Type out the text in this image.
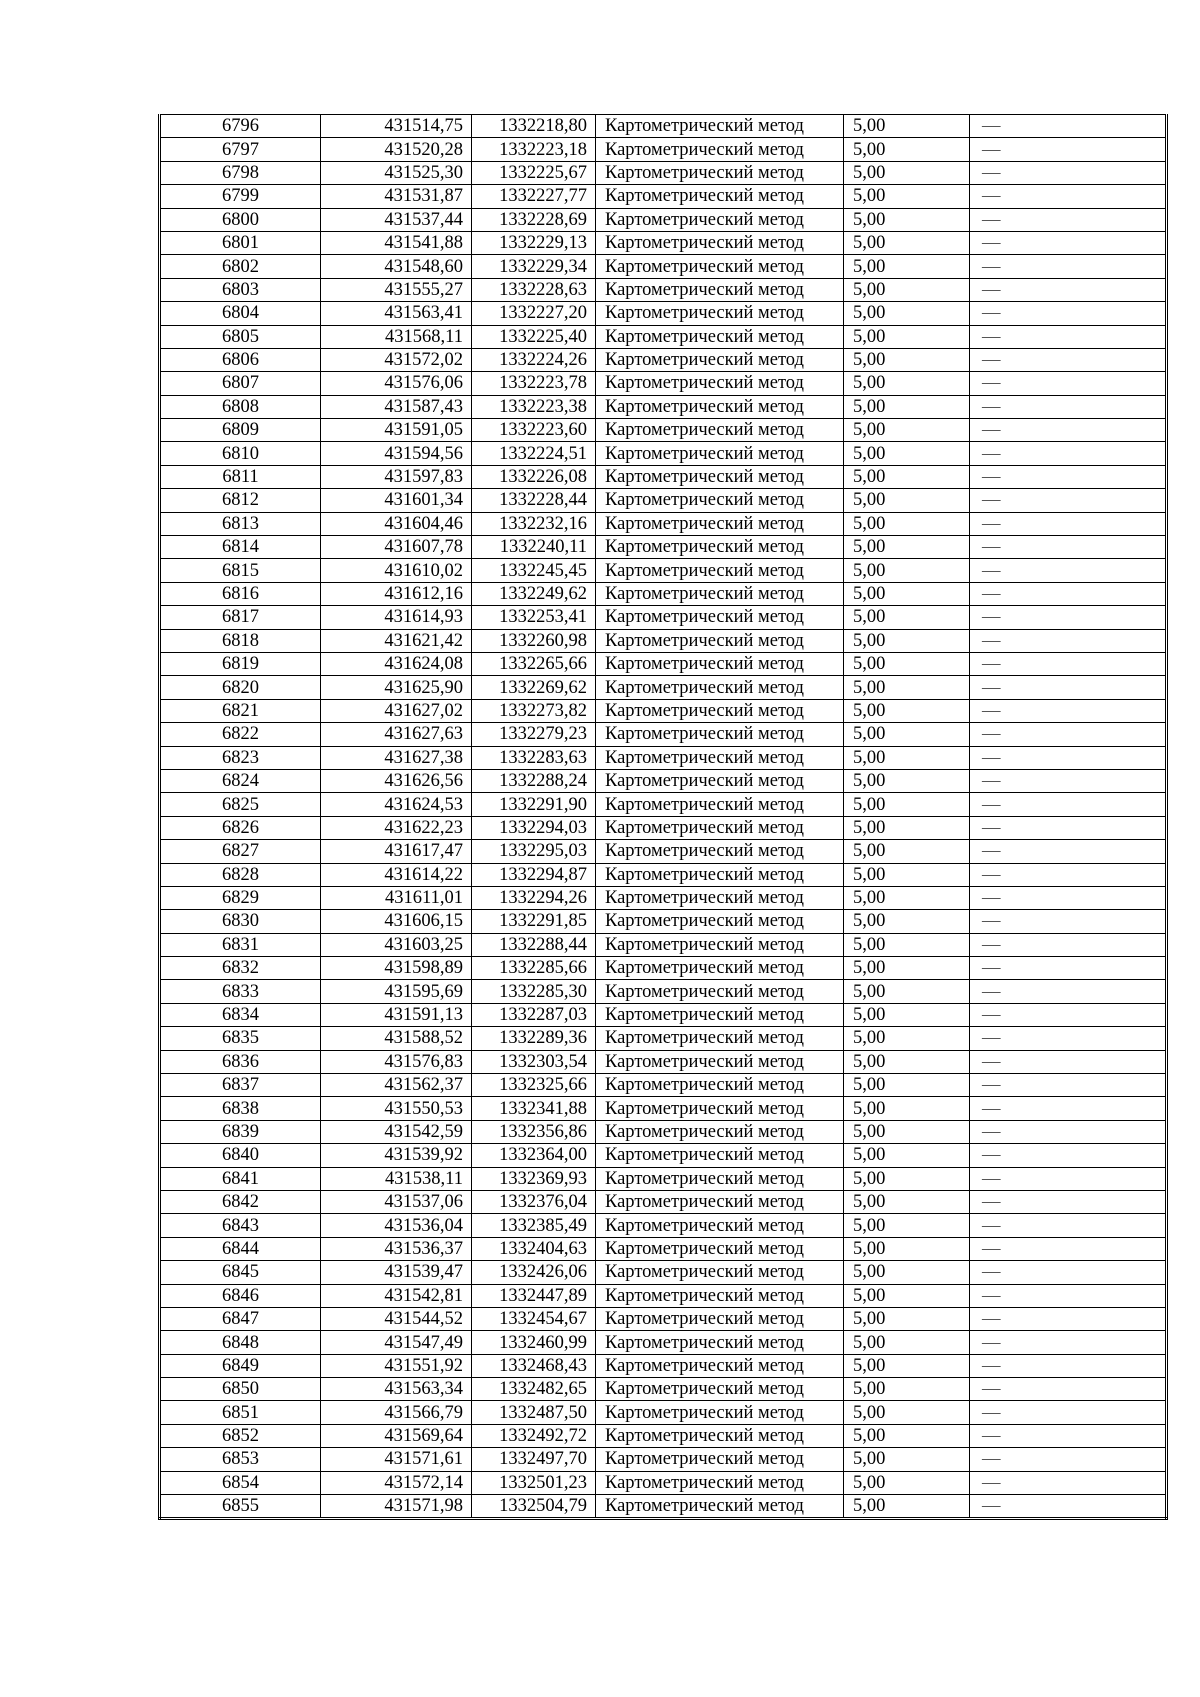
6796	431514,75	1332218,80	Картометрический метод	5,00	—
6797	431520,28	1332223,18	Картометрический метод	5,00	—
6798	431525,30	1332225,67	Картометрический метод	5,00	—
6799	431531,87	1332227,77	Картометрический метод	5,00	—
6800	431537,44	1332228,69	Картометрический метод	5,00	—
6801	431541,88	1332229,13	Картометрический метод	5,00	—
6802	431548,60	1332229,34	Картометрический метод	5,00	—
6803	431555,27	1332228,63	Картометрический метод	5,00	—
6804	431563,41	1332227,20	Картометрический метод	5,00	—
6805	431568,11	1332225,40	Картометрический метод	5,00	—
6806	431572,02	1332224,26	Картометрический метод	5,00	—
6807	431576,06	1332223,78	Картометрический метод	5,00	—
6808	431587,43	1332223,38	Картометрический метод	5,00	—
6809	431591,05	1332223,60	Картометрический метод	5,00	—
6810	431594,56	1332224,51	Картометрический метод	5,00	—
6811	431597,83	1332226,08	Картометрический метод	5,00	—
6812	431601,34	1332228,44	Картометрический метод	5,00	—
6813	431604,46	1332232,16	Картометрический метод	5,00	—
6814	431607,78	1332240,11	Картометрический метод	5,00	—
6815	431610,02	1332245,45	Картометрический метод	5,00	—
6816	431612,16	1332249,62	Картометрический метод	5,00	—
6817	431614,93	1332253,41	Картометрический метод	5,00	—
6818	431621,42	1332260,98	Картометрический метод	5,00	—
6819	431624,08	1332265,66	Картометрический метод	5,00	—
6820	431625,90	1332269,62	Картометрический метод	5,00	—
6821	431627,02	1332273,82	Картометрический метод	5,00	—
6822	431627,63	1332279,23	Картометрический метод	5,00	—
6823	431627,38	1332283,63	Картометрический метод	5,00	—
6824	431626,56	1332288,24	Картометрический метод	5,00	—
6825	431624,53	1332291,90	Картометрический метод	5,00	—
6826	431622,23	1332294,03	Картометрический метод	5,00	—
6827	431617,47	1332295,03	Картометрический метод	5,00	—
6828	431614,22	1332294,87	Картометрический метод	5,00	—
6829	431611,01	1332294,26	Картометрический метод	5,00	—
6830	431606,15	1332291,85	Картометрический метод	5,00	—
6831	431603,25	1332288,44	Картометрический метод	5,00	—
6832	431598,89	1332285,66	Картометрический метод	5,00	—
6833	431595,69	1332285,30	Картометрический метод	5,00	—
6834	431591,13	1332287,03	Картометрический метод	5,00	—
6835	431588,52	1332289,36	Картометрический метод	5,00	—
6836	431576,83	1332303,54	Картометрический метод	5,00	—
6837	431562,37	1332325,66	Картометрический метод	5,00	—
6838	431550,53	1332341,88	Картометрический метод	5,00	—
6839	431542,59	1332356,86	Картометрический метод	5,00	—
6840	431539,92	1332364,00	Картометрический метод	5,00	—
6841	431538,11	1332369,93	Картометрический метод	5,00	—
6842	431537,06	1332376,04	Картометрический метод	5,00	—
6843	431536,04	1332385,49	Картометрический метод	5,00	—
6844	431536,37	1332404,63	Картометрический метод	5,00	—
6845	431539,47	1332426,06	Картометрический метод	5,00	—
6846	431542,81	1332447,89	Картометрический метод	5,00	—
6847	431544,52	1332454,67	Картометрический метод	5,00	—
6848	431547,49	1332460,99	Картометрический метод	5,00	—
6849	431551,92	1332468,43	Картометрический метод	5,00	—
6850	431563,34	1332482,65	Картометрический метод	5,00	—
6851	431566,79	1332487,50	Картометрический метод	5,00	—
6852	431569,64	1332492,72	Картометрический метод	5,00	—
6853	431571,61	1332497,70	Картометрический метод	5,00	—
6854	431572,14	1332501,23	Картометрический метод	5,00	—
6855	431571,98	1332504,79	Картометрический метод	5,00	—
